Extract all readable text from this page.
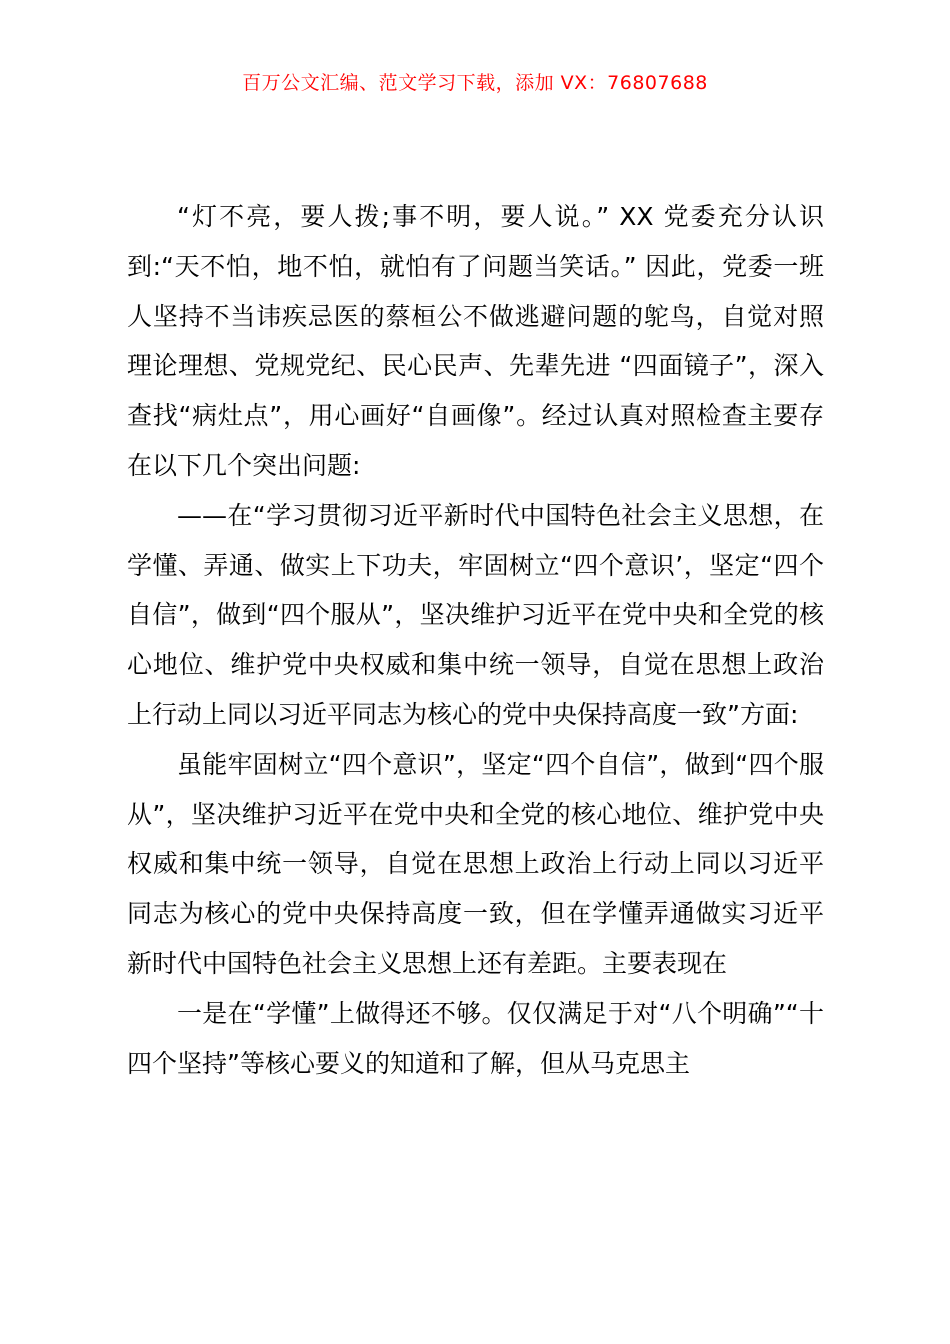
百万公文汇编、范文学习下载，添加 VX：76807688

“灯不亮，要人拨;事不明，要人说。” XX 党委充分认识到:“天不怕，地不怕，就怕有了问题当笑话。” 因此，党委一班人坚持不当讳疾忌医的蔡桓公不做逃避问题的鸵鸟，自觉对照理论理想、党规党纪、民心民声、先辈先进 “四面镜子”，深入查找“病灶点”，用心画好“自画像”。经过认真对照检查主要存在以下几个突出问题:

——在“学习贯彻习近平新时代中国特色社会主义思想，在学懂、弄通、做实上下功夫，牢固树立“四个意识’，坚定“四个自信”，做到“四个服从”，坚决维护习近平在党中央和全党的核心地位、维护党中央权威和集中统一领导，自觉在思想上政治上行动上同以习近平同志为核心的党中央保持高度一致”方面:

虽能牢固树立“四个意识”，坚定“四个自信”，做到“四个服从”，坚决维护习近平在党中央和全党的核心地位、维护党中央权威和集中统一领导，自觉在思想上政治上行动上同以习近平同志为核心的党中央保持高度一致，但在学懂弄通做实习近平新时代中国特色社会主义思想上还有差距。主要表现在

一是在“学懂”上做得还不够。仅仅满足于对“八个明确”“十四个坚持”等核心要义的知道和了解，但从马克思主
